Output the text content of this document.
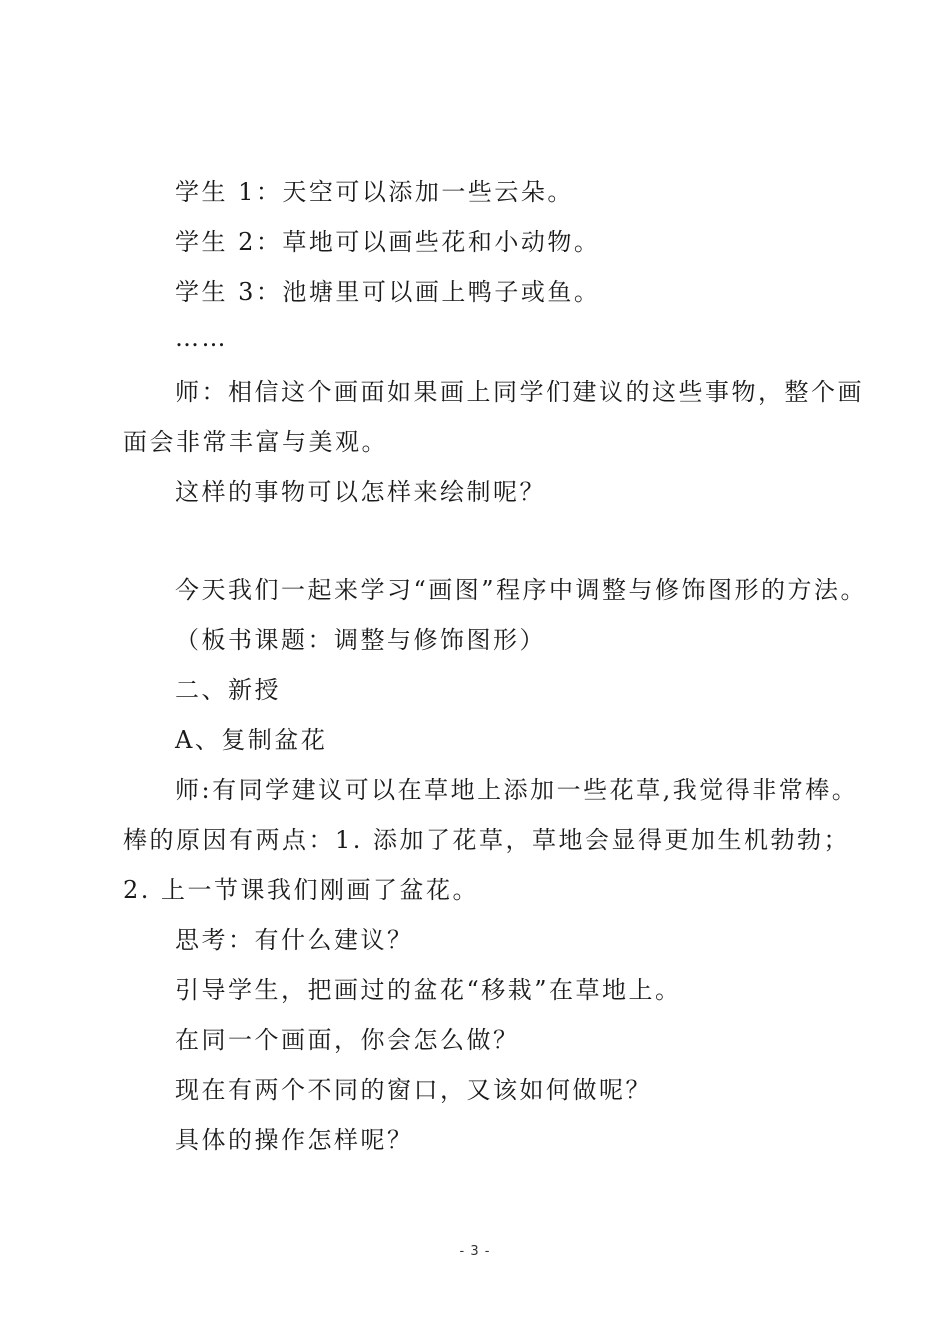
学生 1：天空可以添加一些云朵。
学生 2：草地可以画些花和小动物。
学生 3：池塘里可以画上鸭子或鱼。
……
师：相信这个画面如果画上同学们建议的这些事物，整个画
面会非常丰富与美观。
这样的事物可以怎样来绘制呢？
今天我们一起来学习“画图”程序中调整与修饰图形的方法。
（板书课题：调整与修饰图形）
二、新授
A、复制盆花
师:有同学建议可以在草地上添加一些花草,我觉得非常棒。
棒的原因有两点：1. 添加了花草，草地会显得更加生机勃勃；
2. 上一节课我们刚画了盆花。
思考：有什么建议？
引导学生，把画过的盆花“移栽”在草地上。
在同一个画面，你会怎么做？
现在有两个不同的窗口，又该如何做呢？
具体的操作怎样呢？
- 3 -
